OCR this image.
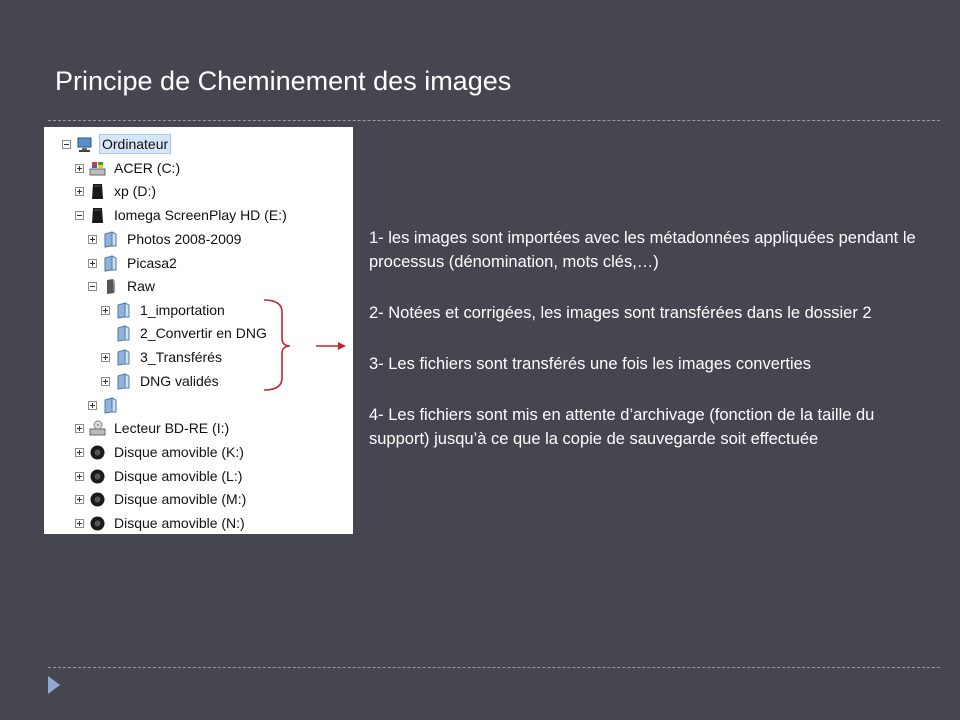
Principe de Cheminement des images
Ordinateur
ACER (C:)
xp (D:)
Iomega ScreenPlay HD (E:)
Photos 2008-2009
Picasa2
Raw
1_importation
2_Convertir en DNG
3_Transférés
DNG validés
Lecteur BD-RE (I:)
Disque amovible (K:)
Disque amovible (L:)
Disque amovible (M:)
Disque amovible (N:)
1- les images sont importées avec les métadonnées appliquées pendant le processus (dénomination, mots clés,…)
2- Notées et corrigées, les images sont transférées dans le dossier 2
3- Les fichiers sont transférés une fois les images converties
4- Les fichiers sont mis en attente d’archivage (fonction de la taille du support) jusqu’à ce que la copie de sauvegarde soit effectuée
